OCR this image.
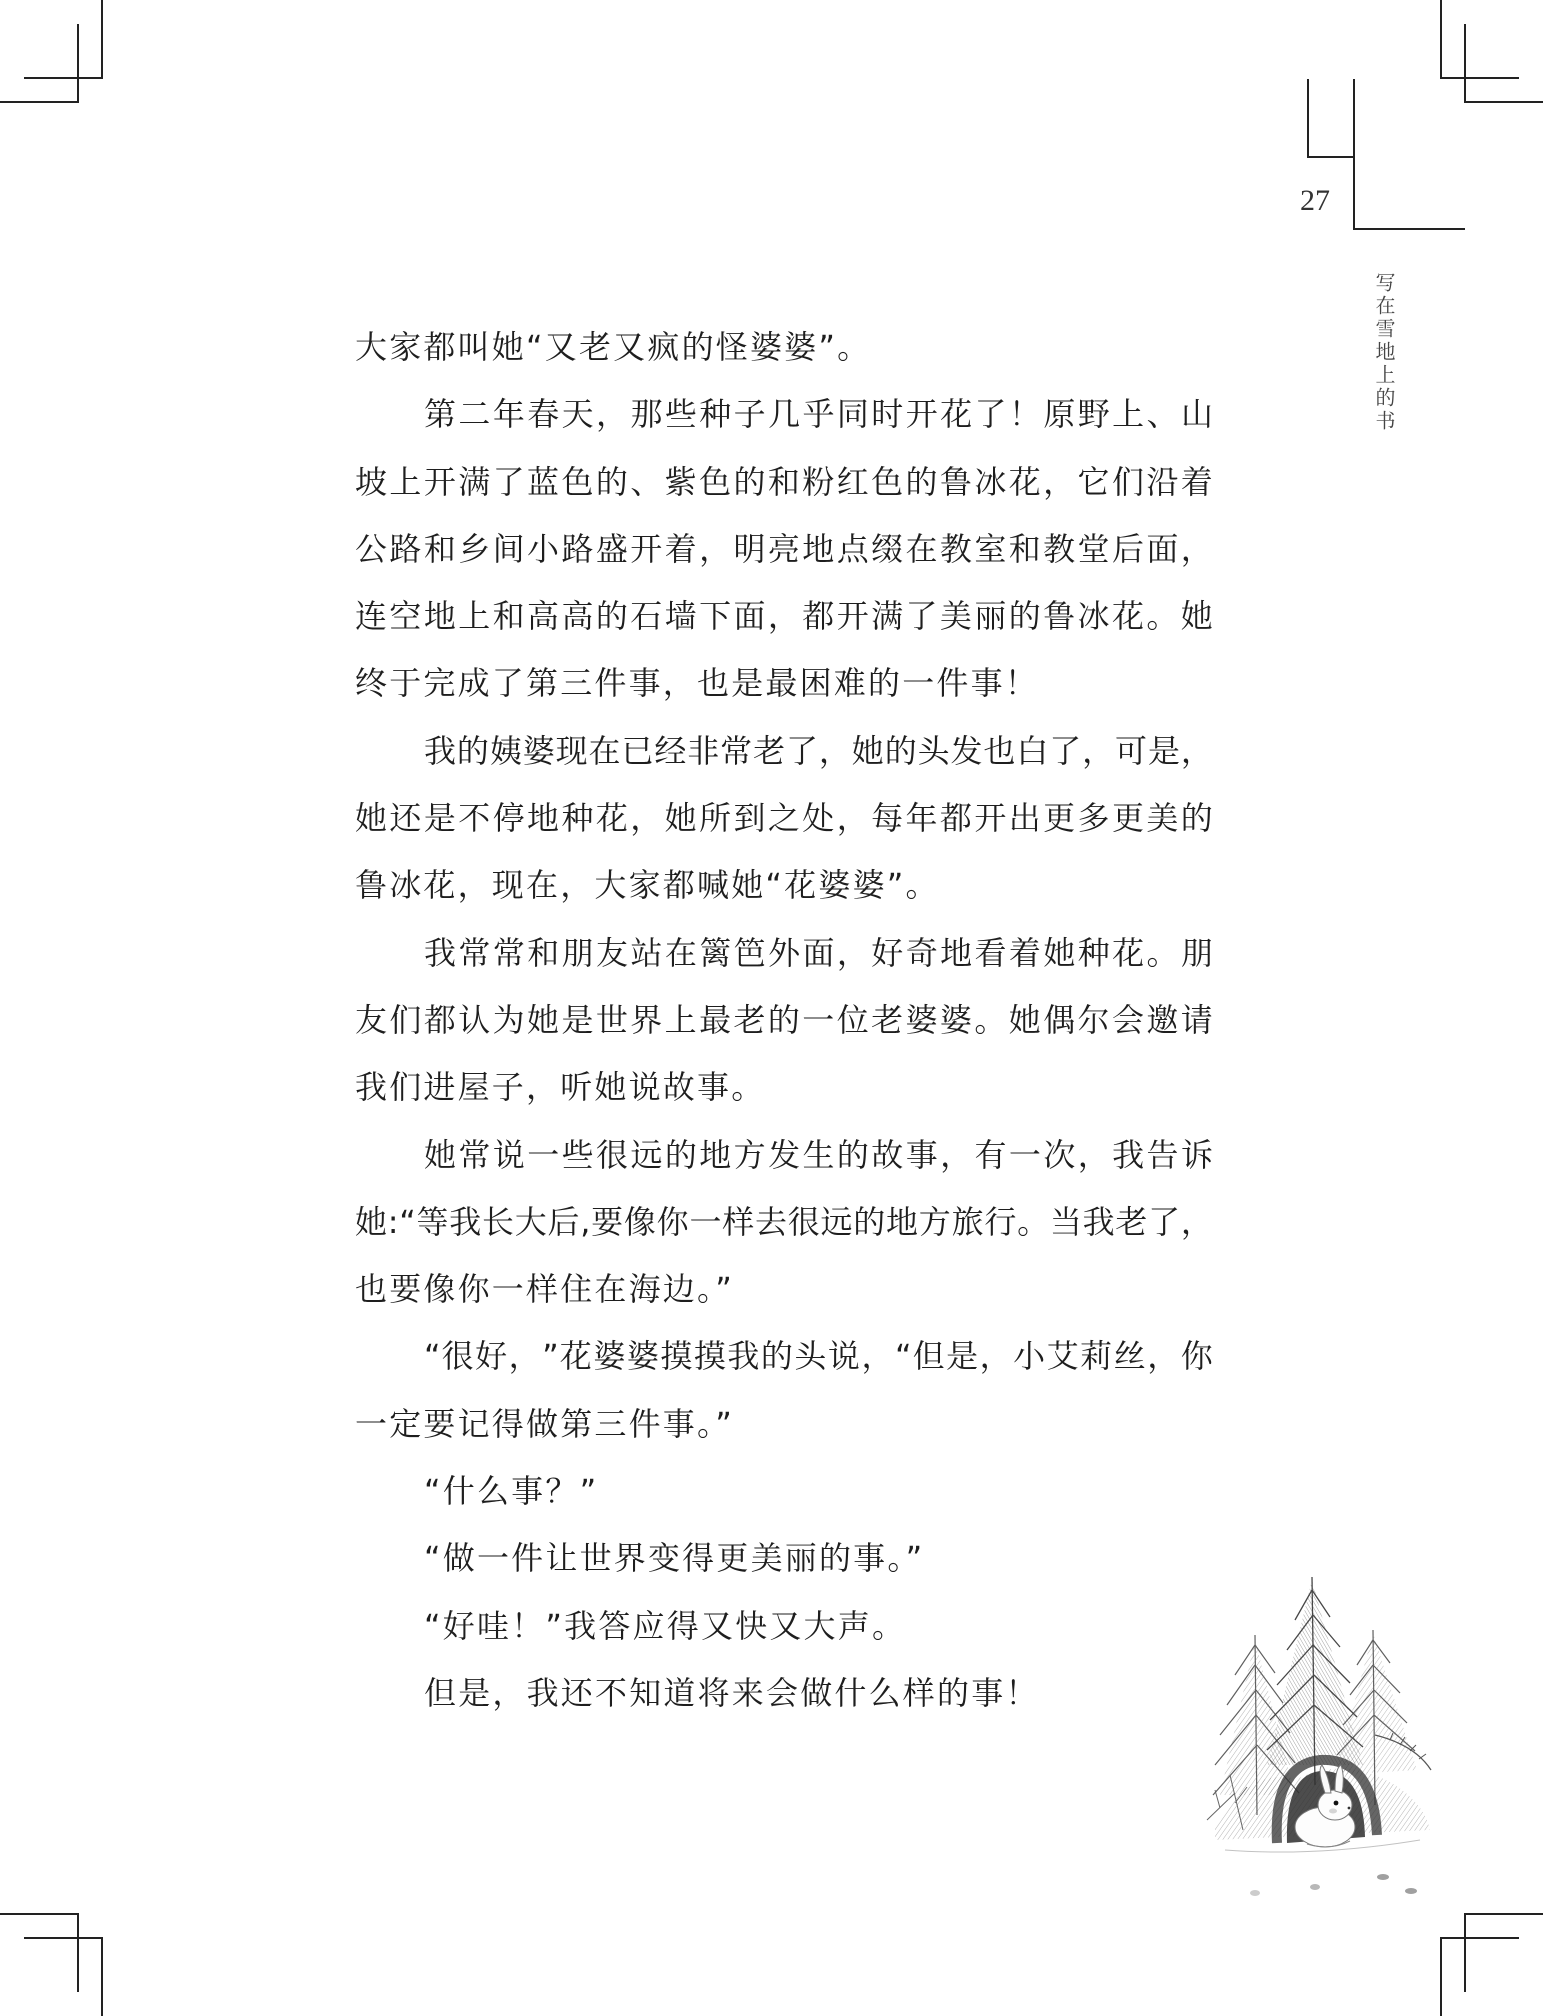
27
写在雪地上的书
大家都叫她“又老又疯的怪婆婆”。
第​ 二​ 年​ 春​ 天​ ，​ 那​ 些​ 种​ 子​ 几​ 乎​ 同​ 时​ 开​ 花​ 了​ ！​ 原​ 野​ 上​ 、​ 山
坡​ 上​ 开​ 满​ 了​ 蓝​ 色​ 的​ 、​ 紫​ 色​ 的​ 和​ 粉​ 红​ 色​ 的​ 鲁​ 冰​ 花​ ，​ 它​ 们​ 沿​ 着
公​ 路​ 和​ 乡​ 间​ 小​ 路​ 盛​ 开​ 着​ ，​ 明​ 亮​ 地​ 点​ 缀​ 在​ 教​ 室​ 和​ 教​ 堂​ 后​ 面​ ，
连​ 空​ 地​ 上​ 和​ 高​ 高​ 的​ 石​ 墙​ 下​ 面​ ，​ 都​ 开​ 满​ 了​ 美​ 丽​ 的​ 鲁​ 冰​ 花​ 。​ 她
终于完成了第三件事，也是最困难的一件事！
我​ 的​ 姨​ 婆​ 现​ 在​ 已​ 经​ 非​ 常​ 老​ 了​ ，​ 她​ 的​ 头​ 发​ 也​ 白​ 了​ ，​ 可​ 是​ ，
她​ 还​ 是​ 不​ 停​ 地​ 种​ 花​ ，​ 她​ 所​ 到​ 之​ 处​ ，​ 每​ 年​ 都​ 开​ 出​ 更​ 多​ 更​ 美​ 的
鲁冰花，现在，大家都喊她“花婆婆”。
我​ 常​ 常​ 和​ 朋​ 友​ 站​ 在​ 篱​ 笆​ 外​ 面​ ，​ 好​ 奇​ 地​ 看​ 着​ 她​ 种​ 花​ 。​ 朋
友​ 们​ 都​ 认​ 为​ 她​ 是​ 世​ 界​ 上​ 最​ 老​ 的​ 一​ 位​ 老​ 婆​ 婆​ 。​ 她​ 偶​ 尔​ 会​ 邀​ 请
我们进屋子，听她说故事。
她​ 常​ 说​ 一​ 些​ 很​ 远​ 的​ 地​ 方​ 发​ 生​ 的​ 故​ 事​ ，​ 有​ 一​ 次​ ，​ 我​ 告​ 诉
她​ :​ “​ 等​ 我​ 长​ 大​ 后​ ,​ 要​ 像​ 你​ 一​ 样​ 去​ 很​ 远​ 的​ 地​ 方​ 旅​ 行​ 。​ 当​ 我​ 老​ 了​ ，
也要像你一样住在海边。”
“​ 很​ 好​ ，​ ”​ 花​ 婆​ 婆​ 摸​ 摸​ 我​ 的​ 头​ 说​ ，​ “​ 但​ 是​ ，​ 小​ 艾​ 莉​ 丝​ ，​ 你
一定要记得做第三件事。”
“什么事？”
“做一件让世界变得更美丽的事。”
“好哇！”我答应得又快又大声。
但是，我还不知道将来会做什么样的事！
